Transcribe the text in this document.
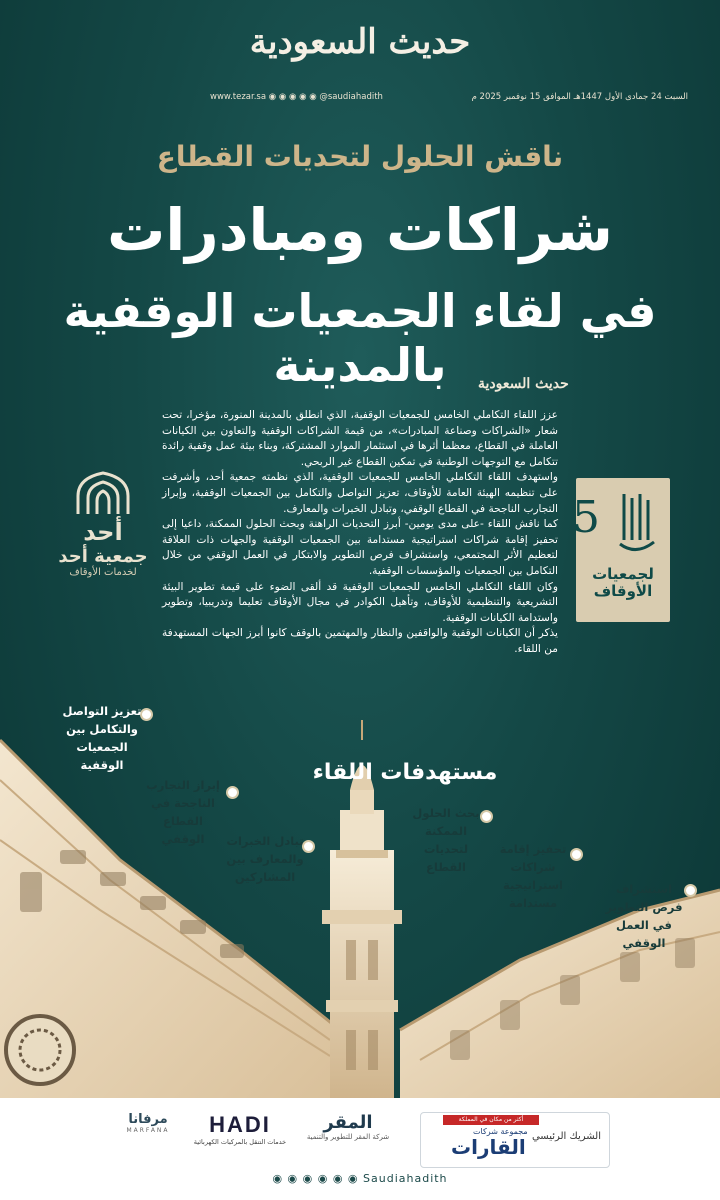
حديث السعودية
السبت 24 جمادى الأول 1447هـ الموافق 15 نوفمبر 2025 م
www.tezar.sa ◉ ◉ ◉ ◉ ◉ @saudiahadith
ناقش الحلول لتحديات القطاع
شراكات ومبادرات
في لقاء الجمعيات الوقفية بالمدينة	حديث السعودية

عزز اللقاء التكاملي الخامس للجمعيات الوقفية، الذي انطلق بالمدينة المنورة، مؤخرا، تحت شعار «الشراكات وصناعة المبادرات»، من قيمة الشراكات الوقفية والتعاون بين الكيانات العاملة في القطاع، معظما أثرها في استثمار الموارد المشتركة، وبناء بيئة عمل وقفية رائدة تتكامل مع التوجهات الوطنية في تمكين القطاع غير الربحي.

واستهدف اللقاء التكاملي الخامس للجمعيات الوقفية، الذي نظمته جمعية أحد، وأشرفت على تنظيمه الهيئة العامة للأوقاف، تعزيز التواصل والتكامل بين الجمعيات الوقفية، وإبراز التجارب الناجحة في القطاع الوقفي، وتبادل الخبرات والمعارف.

كما ناقش اللقاء -على مدى يومين- أبرز التحديات الراهنة وبحث الحلول الممكنة، داعيا إلى تحفيز إقامة شراكات استراتيجية مستدامة بين الجمعيات الوقفية والجهات ذات العلاقة لتعظيم الأثر المجتمعي، واستشراف فرص التطوير والابتكار في العمل الوقفي من خلال التكامل بين الجمعيات والمؤسسات الوقفية.

وكان اللقاء التكاملي الخامس للجمعيات الوقفية قد ألقى الضوء على قيمة تطوير البيئة التشريعية والتنظيمية للأوقاف، وتأهيل الكوادر في مجال الأوقاف تعليما وتدريبيا، وتطوير واستدامة الكيانات الوقفية.

يذكر أن الكيانات الوقفية والواقفين والنظار والمهتمين بالوقف كانوا أبرز الجهات المستهدفة من اللقاء.

أحد
جمعية أحد
لخدمات الأوقاف
5
لجمعيات الأوقاف
مستهدفات اللقاء
تعزيز التواصل والتكامل بين الجمعيات الوقفية
إبراز التجارب الناجحة في القطاع الوقفي	تبادل الخبرات والمعارف بين المشاركين
بحث الحلول الممكنة لتحديات القطاع
تحفيز إقامة شراكات استراتيجية مستدامة
استشراف فرص التطوير في العمل الوقفي
الشريك الرئيسي
أكثر من مكان في المملكة
مجموعة شركات
القارات
المقر
شركة المقر للتطوير والتنمية
HADI
خدمات التنقل بالمركبات الكهربائية
مرفانا
MARFANA
◉ ◉ ◉ ◉ ◉ ◉ Saudiahadith
